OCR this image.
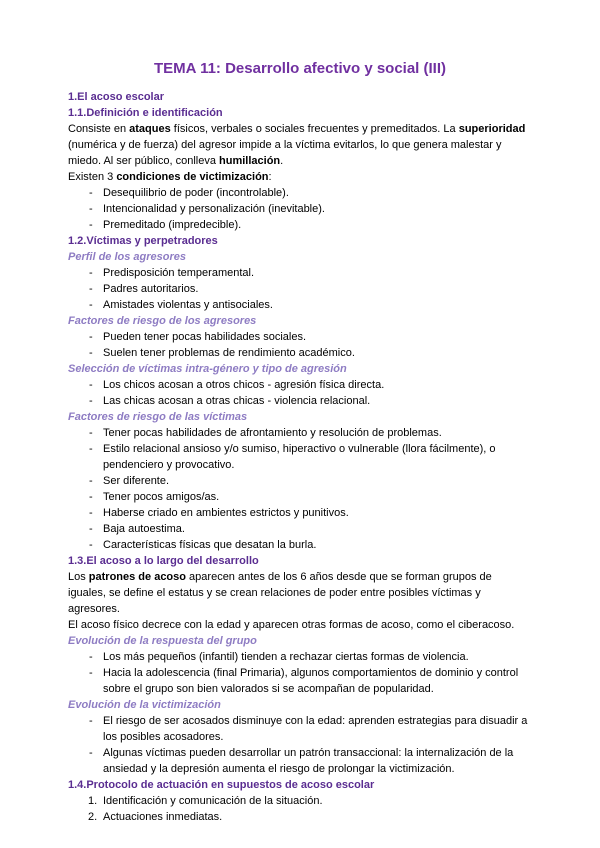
TEMA 11: Desarrollo afectivo y social (III)
1.El acoso escolar
1.1.Definición e identificación

Consiste en ataques físicos, verbales o sociales frecuentes y premeditados. La superioridad (numérica y de fuerza) del agresor impide a la víctima evitarlos, lo que genera malestar y miedo. Al ser público, conlleva humillación.

Existen 3 condiciones de victimización:

- Desequilibrio de poder (incontrolable).
- Intencionalidad y personalización (inevitable).
- Premeditado (impredecible).
1.2.Víctimas y perpetradores
Perfil de los agresores
- Predisposición temperamental.
- Padres autoritarios.
- Amistades violentas y antisociales.
Factores de riesgo de los agresores
- Pueden tener pocas habilidades sociales.
- Suelen tener problemas de rendimiento académico.
Selección de víctimas intra-género y tipo de agresión
- Los chicos acosan a otros chicos - agresión física directa.
- Las chicas acosan a otras chicas - violencia relacional.
Factores de riesgo de las víctimas
- Tener pocas habilidades de afrontamiento y resolución de problemas.
- Estilo relacional ansioso y/o sumiso, hiperactivo o vulnerable (llora fácilmente), o pendenciero y provocativo.
- Ser diferente.
- Tener pocos amigos/as.
- Haberse criado en ambientes estrictos y punitivos.
- Baja autoestima.
- Características físicas que desatan la burla.
1.3.El acoso a lo largo del desarrollo

Los patrones de acoso aparecen antes de los 6 años desde que se forman grupos de iguales, se define el estatus y se crean relaciones de poder entre posibles víctimas y agresores.

El acoso físico decrece con la edad y aparecen otras formas de acoso, como el ciberacoso.

Evolución de la respuesta del grupo
- Los más pequeños (infantil) tienden a rechazar ciertas formas de violencia.
- Hacia la adolescencia (final Primaria), algunos comportamientos de dominio y control sobre el grupo son bien valorados si se acompañan de popularidad.
Evolución de la victimización
- El riesgo de ser acosados disminuye con la edad: aprenden estrategias para disuadir a los posibles acosadores.
- Algunas víctimas pueden desarrollar un patrón transaccional: la internalización de la ansiedad y la depresión aumenta el riesgo de prolongar la victimización.
1.4.Protocolo de actuación en supuestos de acoso escolar
Identificación y comunicación de la situación.
Actuaciones inmediatas.
